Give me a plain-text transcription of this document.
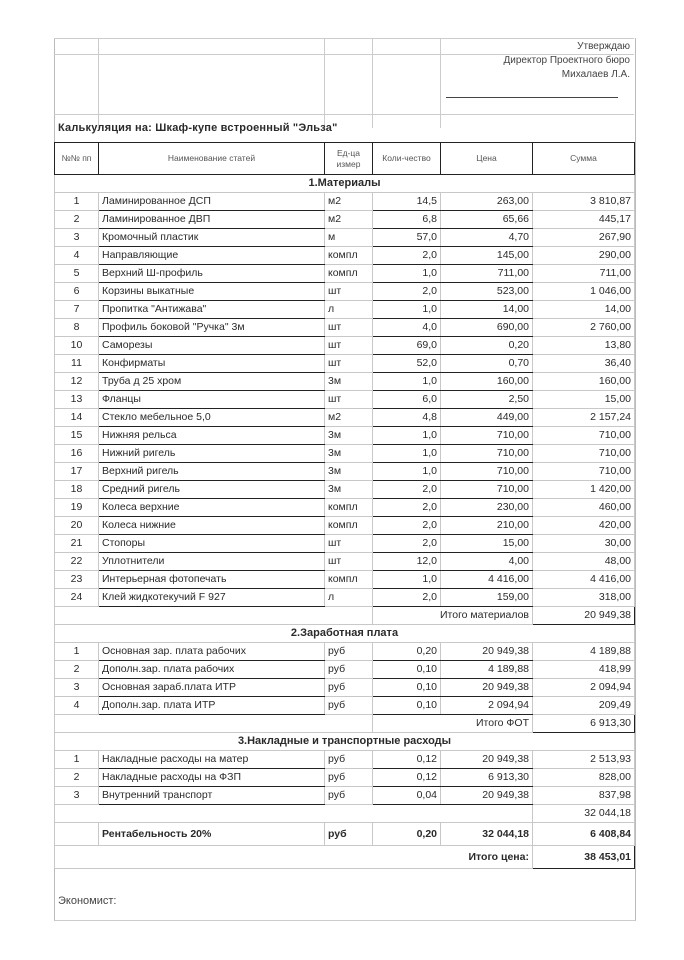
Утверждаю
Директор Проектного бюро
Михалаев Л.А.
Калькуляция на: Шкаф-купе встроенный "Эльза"
№№ пп	Наименование статей	Ед-ца измер	Коли-чество	Цена	Сумма
1.Материалы					
1	Ламинированное ДСП	м2	14,5	263,00	3 810,87
2	Ламинированное ДВП	м2	6,8	65,66	445,17
3	Кромочный пластик	м	57,0	4,70	267,90
4	Направляющие	компл	2,0	145,00	290,00
5	Верхний Ш-профиль	компл	1,0	711,00	711,00
6	Корзины выкатные	шт	2,0	523,00	1 046,00
7	Пропитка "Антижава"	л	1,0	14,00	14,00
8	Профиль боковой "Ручка" 3м	шт	4,0	690,00	2 760,00
10	Саморезы	шт	69,0	0,20	13,80
11	Конфирматы	шт	52,0	0,70	36,40
12	Труба д 25 хром	3м	1,0	160,00	160,00
13	Фланцы	шт	6,0	2,50	15,00
14	Стекло мебельное 5,0	м2	4,8	449,00	2 157,24
15	Нижняя рельса	3м	1,0	710,00	710,00
16	Нижний ригель	3м	1,0	710,00	710,00
17	Верхний ригель	3м	1,0	710,00	710,00
18	Средний ригель	3м	2,0	710,00	1 420,00
19	Колеса верхние	компл	2,0	230,00	460,00
20	Колеса нижние	компл	2,0	210,00	420,00
21	Стопоры	шт	2,0	15,00	30,00
22	Уплотнители	шт	12,0	4,00	48,00
23	Интерьерная фотопечать	компл	1,0	4 416,00	4 416,00
24	Клей жидкотекучий F 927	л	2,0	159,00	318,00
			Итого материалов		20 949,38
2.Заработная плата					
1	Основная зар. плата рабочих	руб	0,20	20 949,38	4 189,88
2	Дополн.зар. плата рабочих	руб	0,10	4 189,88	418,99
3	Основная зараб.плата ИТР	руб	0,10	20 949,38	2 094,94
4	Дополн.зар. плата ИТР	руб	0,10	2 094,94	209,49
			Итого ФОТ		6 913,30
3.Накладные и транспортные расходы					
1	Накладные расходы на матер	руб	0,12	20 949,38	2 513,93
2	Накладные расходы на ФЗП	руб	0,12	6 913,30	828,00
3	Внутренний транспорт	руб	0,04	20 949,38	837,98
					32 044,18
	Рентабельность 20%	руб	0,20	32 044,18	6 408,84
Итого цена:					38 453,01
Экономист:
